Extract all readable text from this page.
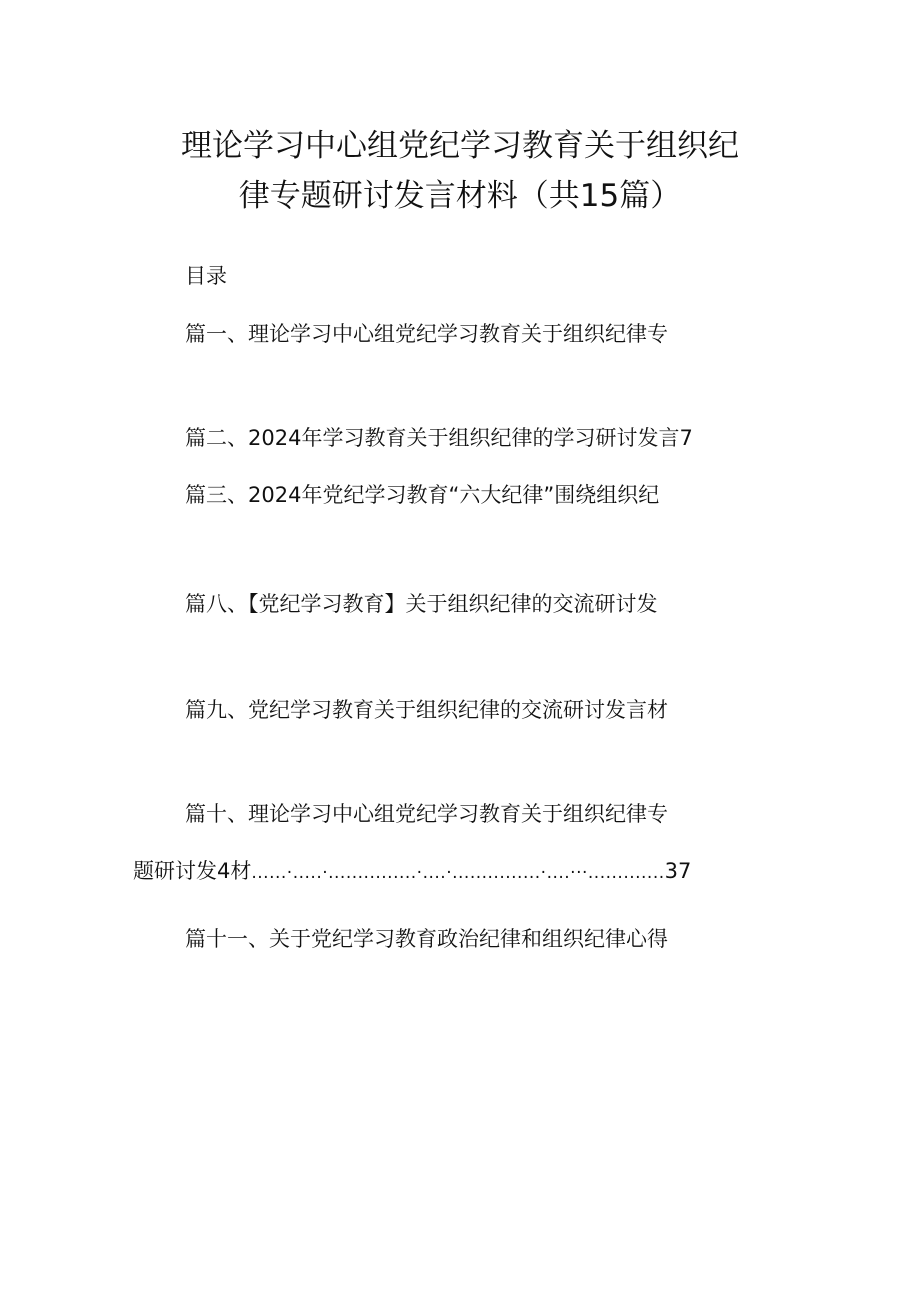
理论学习中心组党纪学习教育关于组织纪
律专题研讨发言材料（共15篇）
目录
篇一、理论学习中心组党纪学习教育关于组织纪律专
篇二、2024年学习教育关于组织纪律的学习研讨发言7
篇三、2024年党纪学习教育“六大纪律”围绕组织纪
篇八、【党纪学习教育】关于组织纪律的交流研讨发
篇九、党纪学习教育关于组织纪律的交流研讨发言材
篇十、理论学习中心组党纪学习教育关于组织纪律专
题研讨发4材......·.....·...............·....·...............·....···.............37
篇十一、关于党纪学习教育政治纪律和组织纪律心得
